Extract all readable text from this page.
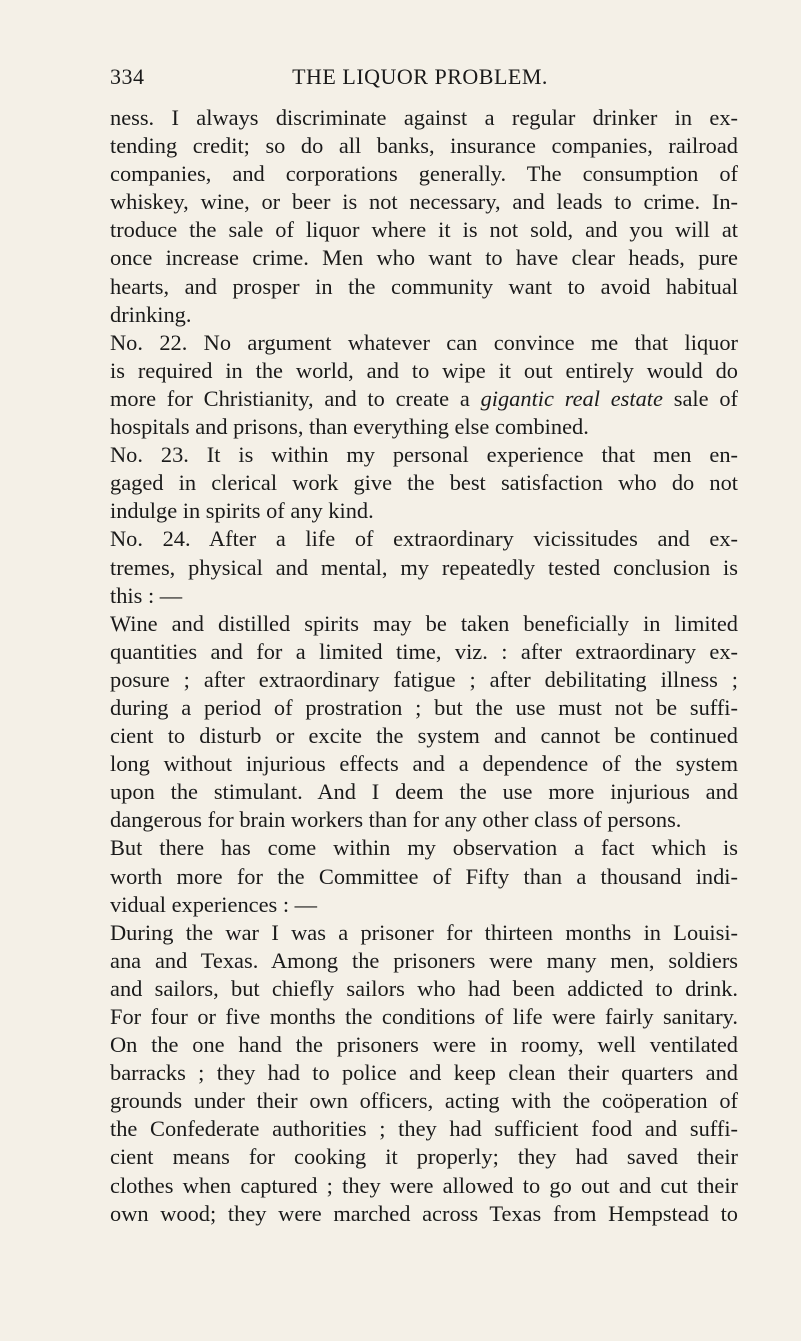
334	THE LIQUOR PROBLEM.
ness. I always discriminate against a regular drinker in ex-
tending credit; so do all banks, insurance companies, railroad
companies, and corporations generally. The consumption of
whiskey, wine, or beer is not necessary, and leads to crime. In-
troduce the sale of liquor where it is not sold, and you will at
once increase crime. Men who want to have clear heads, pure
hearts, and prosper in the community want to avoid habitual
drinking.
No. 22. No argument whatever can convince me that liquor
is required in the world, and to wipe it out entirely would do
more for Christianity, and to create a gigantic real estate sale of
hospitals and prisons, than everything else combined.
No. 23. It is within my personal experience that men en-
gaged in clerical work give the best satisfaction who do not
indulge in spirits of any kind.
No. 24. After a life of extraordinary vicissitudes and ex-
tremes, physical and mental, my repeatedly tested conclusion is
this : —
Wine and distilled spirits may be taken beneficially in limited
quantities and for a limited time, viz. : after extraordinary ex-
posure ; after extraordinary fatigue ; after debilitating illness ;
during a period of prostration ; but the use must not be suffi-
cient to disturb or excite the system and cannot be continued
long without injurious effects and a dependence of the system
upon the stimulant. And I deem the use more injurious and
dangerous for brain workers than for any other class of persons.
But there has come within my observation a fact which is
worth more for the Committee of Fifty than a thousand indi-
vidual experiences : —
During the war I was a prisoner for thirteen months in Louisi-
ana and Texas. Among the prisoners were many men, soldiers
and sailors, but chiefly sailors who had been addicted to drink.
For four or five months the conditions of life were fairly sanitary.
On the one hand the prisoners were in roomy, well ventilated
barracks ; they had to police and keep clean their quarters and
grounds under their own officers, acting with the coöperation of
the Confederate authorities ; they had sufficient food and suffi-
cient means for cooking it properly; they had saved their
clothes when captured ; they were allowed to go out and cut their
own wood; they were marched across Texas from Hempstead to
